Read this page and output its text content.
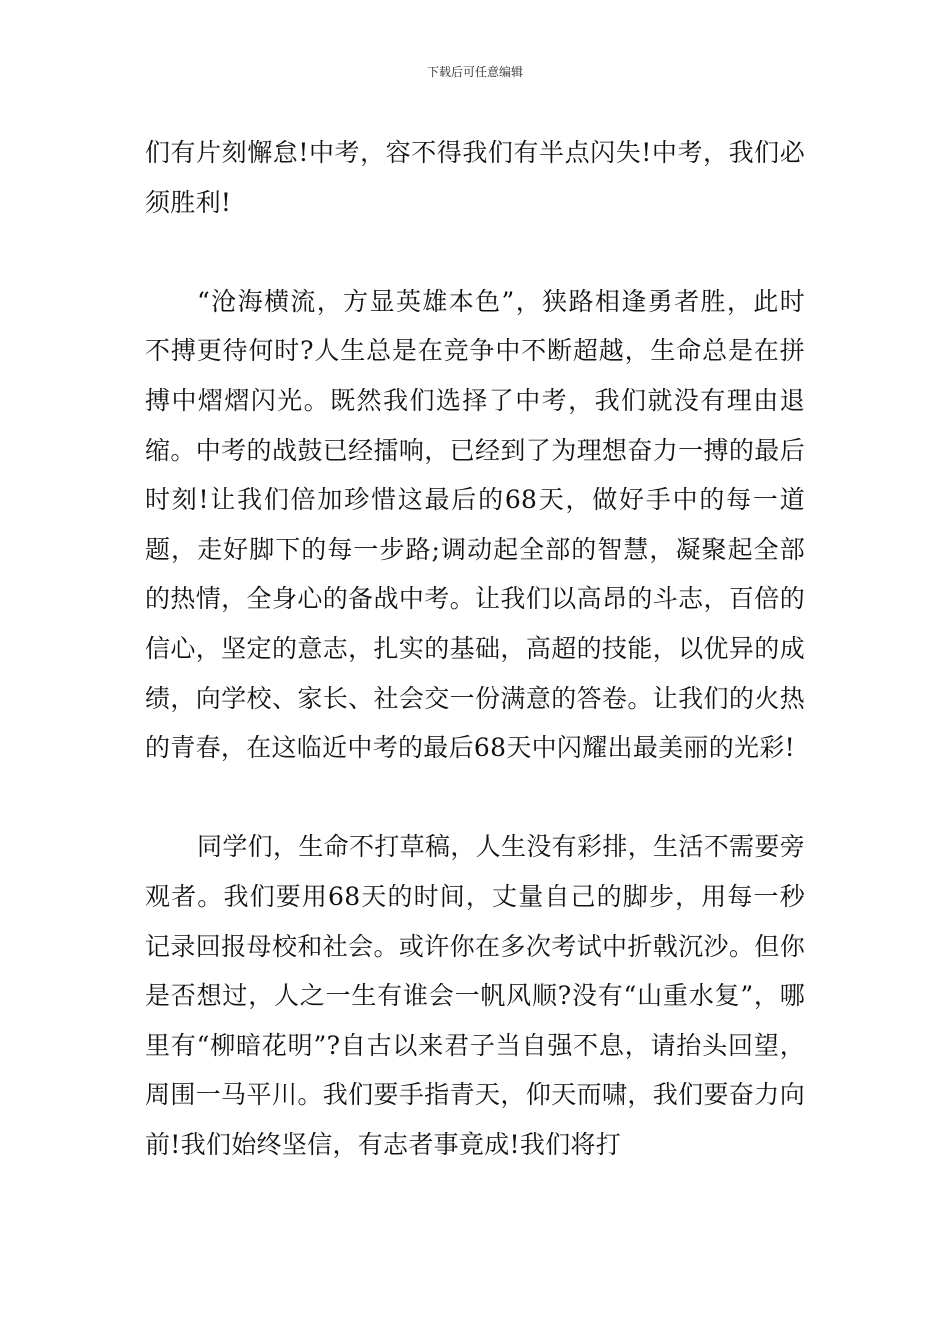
下载后可任意编辑

们有片刻懈怠!中考，容不得我们有半点闪失!中考，我们必须胜利!

“沧海横流，方显英雄本色”，狭路相逢勇者胜，此时不搏更待何时?人生总是在竞争中不断超越，生命总是在拼搏中熠熠闪光。既然我们选择了中考，我们就没有理由退缩。中考的战鼓已经擂响，已经到了为理想奋力一搏的最后时刻!让我们倍加珍惜这最后的68天，做好手中的每一道题，走好脚下的每一步路;调动起全部的智慧，凝聚起全部的热情，全身心的备战中考。让我们以高昂的斗志，百倍的信心，坚定的意志，扎实的基础，高超的技能，以优异的成绩，向学校、家长、社会交一份满意的答卷。让我们的火热的青春，在这临近中考的最后68天中闪耀出最美丽的光彩!

同学们，生命不打草稿，人生没有彩排，生活不需要旁观者。我们要用68天的时间，丈量自己的脚步，用每一秒记录回报母校和社会。或许你在多次考试中折戟沉沙。但你是否想过，人之一生有谁会一帆风顺?没有“山重水复”，哪里有“柳暗花明”?自古以来君子当自强不息，请抬头回望，周围一马平川。我们要手指青天，仰天而啸，我们要奋力向前!我们始终坚信，有志者事竟成!我们将打
